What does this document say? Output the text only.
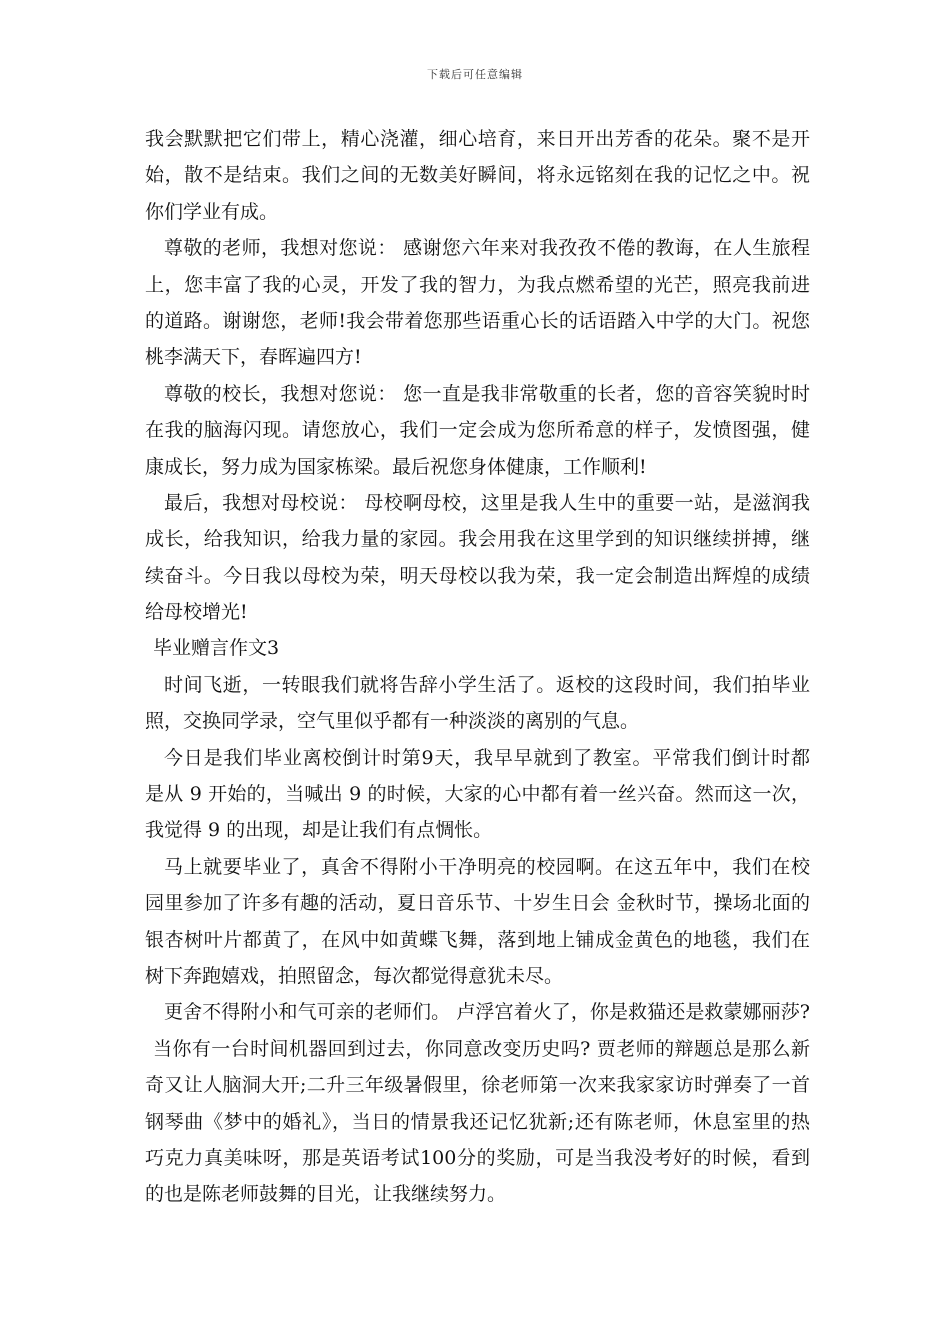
下载后可任意编辑
我会默默把它们带上，精心浇灌，细心培育，来日开出芳香的花朵。聚不是开
始，散不是结束。我们之间的无数美好瞬间，将永远铭刻在我的记忆之中。祝
你们学业有成。
尊敬的老师，我想对您说： 感谢您六年来对我孜孜不倦的教诲，在人生旅程
上，您丰富了我的心灵，开发了我的智力，为我点燃希望的光芒，照亮我前进
的道路。谢谢您，老师!我会带着您那些语重心长的话语踏入中学的大门。祝您
桃李满天下，春晖遍四方!
尊敬的校长，我想对您说： 您一直是我非常敬重的长者，您的音容笑貌时时
在我的脑海闪现。请您放心，我们一定会成为您所希意的样子，发愤图强，健
康成长，努力成为国家栋梁。最后祝您身体健康，工作顺利!
最后，我想对母校说： 母校啊母校，这里是我人生中的重要一站，是滋润我
成长，给我知识，给我力量的家园。我会用我在这里学到的知识继续拼搏，继
续奋斗。今日我以母校为荣，明天母校以我为荣，我一定会制造出辉煌的成绩
给母校增光!
毕业赠言作文3
时间飞逝，一转眼我们就将告辞小学生活了。返校的这段时间，我们拍毕业
照，交换同学录，空气里似乎都有一种淡淡的离别的气息。
今日是我们毕业离校倒计时第9天，我早早就到了教室。平常我们倒计时都
是从 9 开始的，当喊出 9 的时候，大家的心中都有着一丝兴奋。然而这一次，
我觉得 9 的出现，却是让我们有点惆怅。
马上就要毕业了，真舍不得附小干净明亮的校园啊。在这五年中，我们在校
园里参加了许多有趣的活动，夏日音乐节、十岁生日会 金秋时节，操场北面的
银杏树叶片都黄了，在风中如黄蝶飞舞，落到地上铺成金黄色的地毯，我们在
树下奔跑嬉戏，拍照留念，每次都觉得意犹未尽。
更舍不得附小和气可亲的老师们。 卢浮宫着火了，你是救猫还是救蒙娜丽莎?
当你有一台时间机器回到过去，你同意改变历史吗? 贾老师的辩题总是那么新
奇又让人脑洞大开;二升三年级暑假里，徐老师第一次来我家家访时弹奏了一首
钢琴曲《梦中的婚礼》，当日的情景我还记忆犹新;还有陈老师，休息室里的热
巧克力真美味呀，那是英语考试100分的奖励，可是当我没考好的时候，看到
的也是陈老师鼓舞的目光，让我继续努力。
